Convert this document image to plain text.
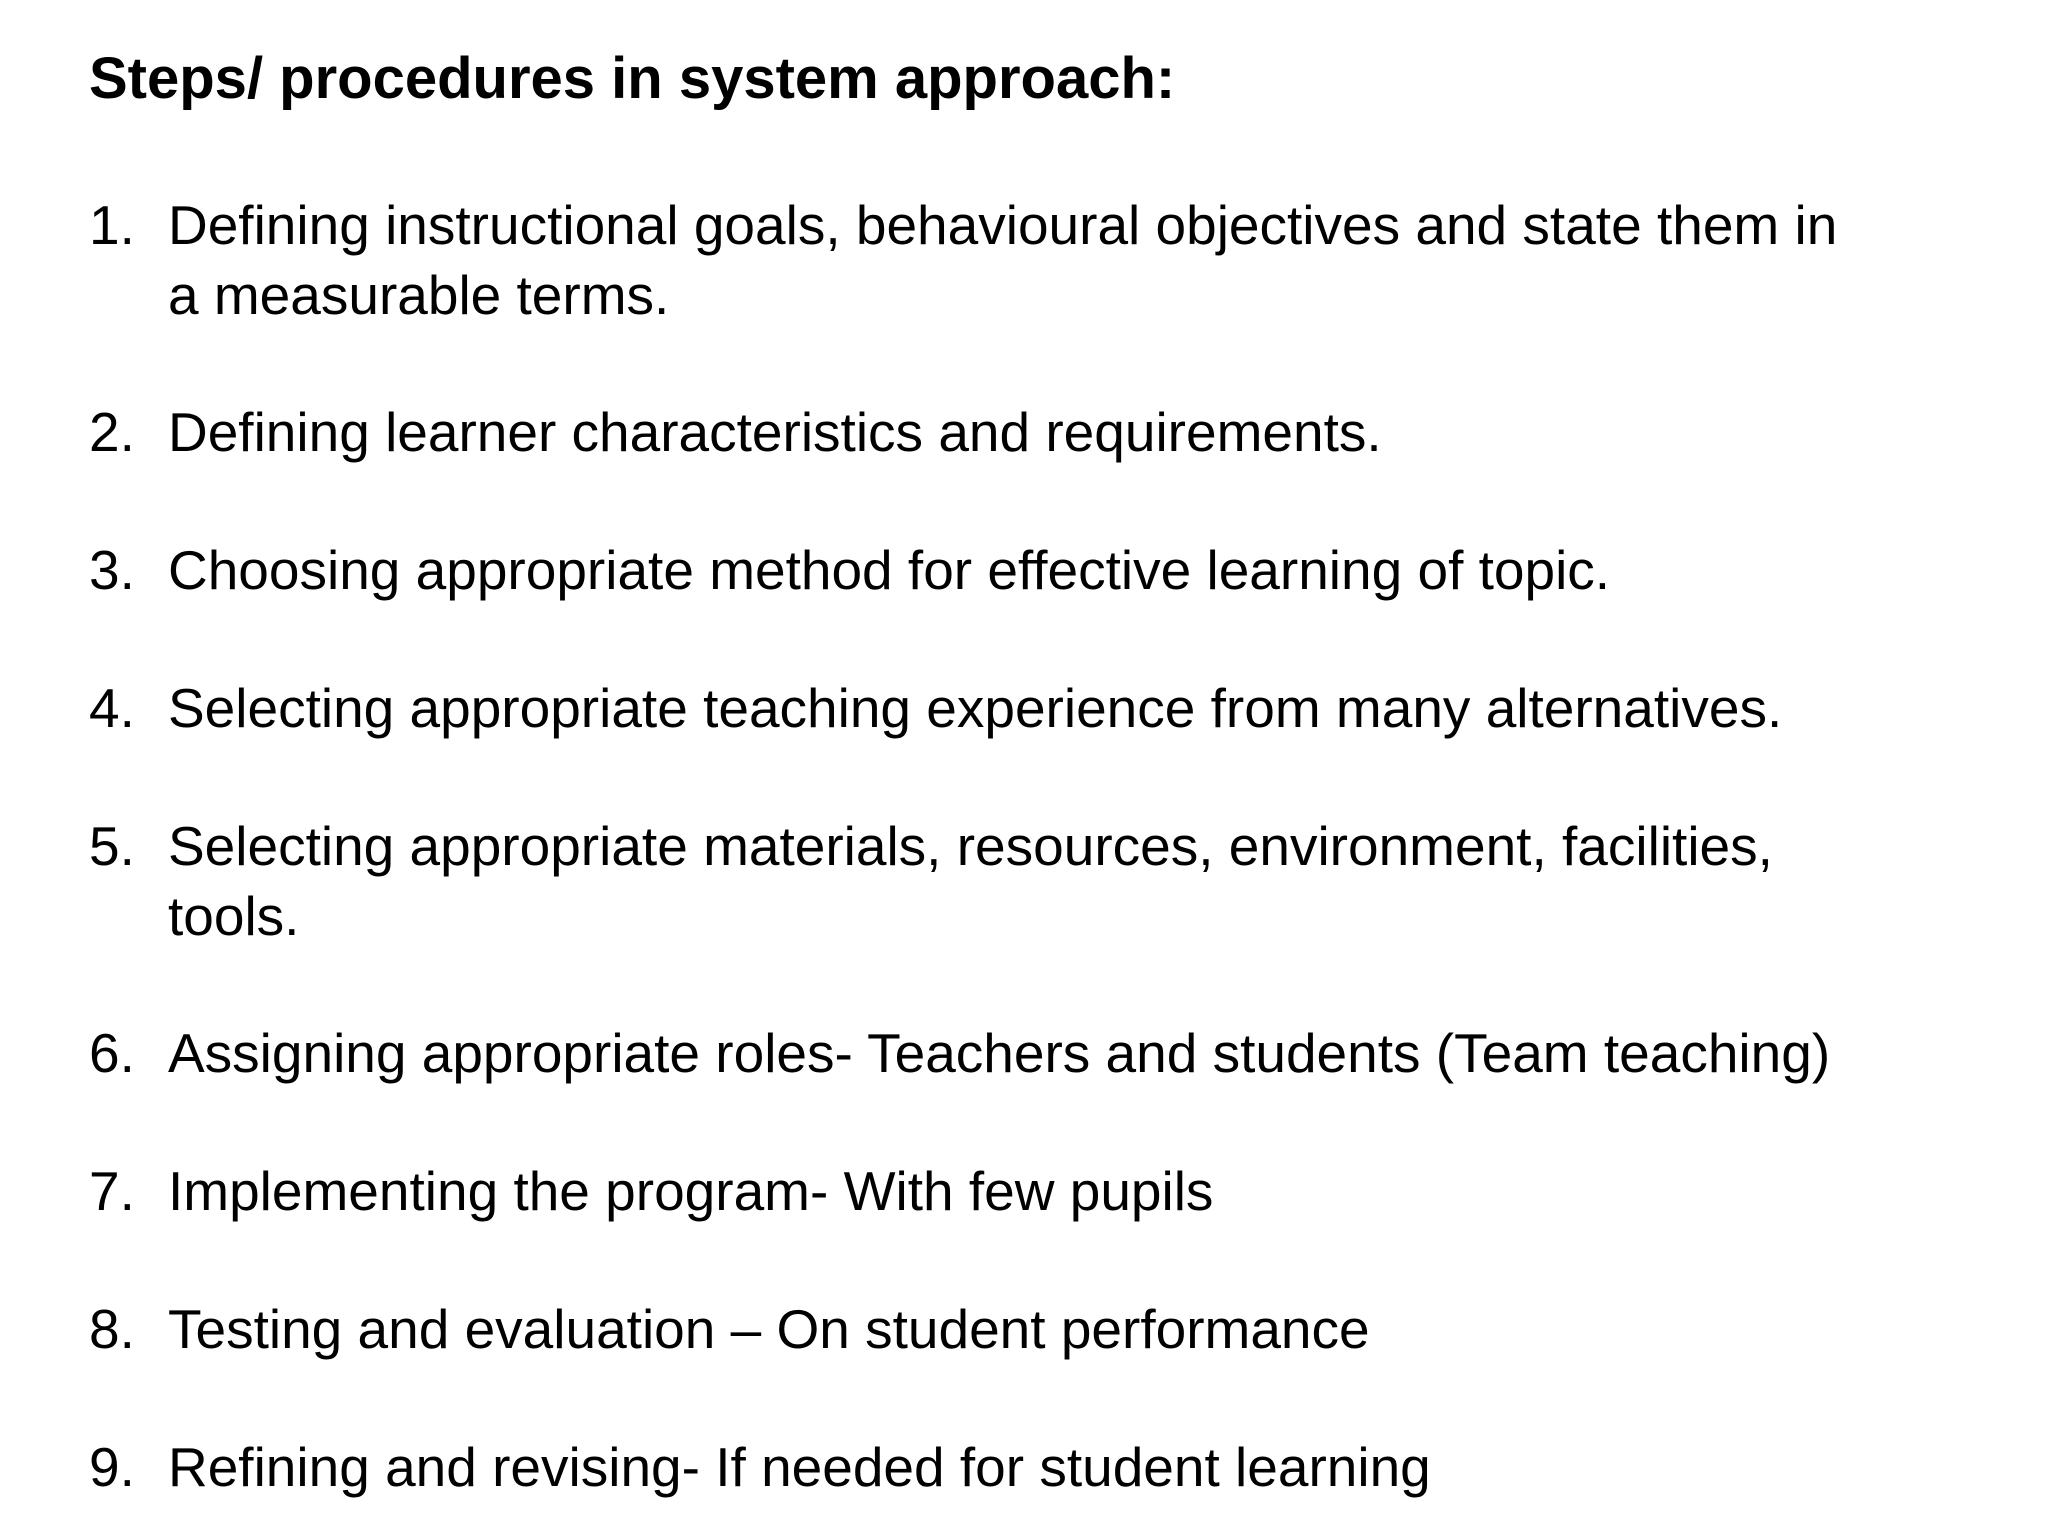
Steps/ procedures in system approach:
1. Defining instructional goals, behavioural objectives and state them in
a measurable terms.
2. Defining learner characteristics and requirements.
3. Choosing appropriate method for effective learning of topic.
4. Selecting appropriate teaching experience from many alternatives.
5. Selecting appropriate materials, resources, environment, facilities,
tools.
6. Assigning appropriate roles- Teachers and students (Team teaching)
7. Implementing the program- With few pupils
8. Testing and evaluation – On student performance
9. Refining and revising- If needed for student learning
